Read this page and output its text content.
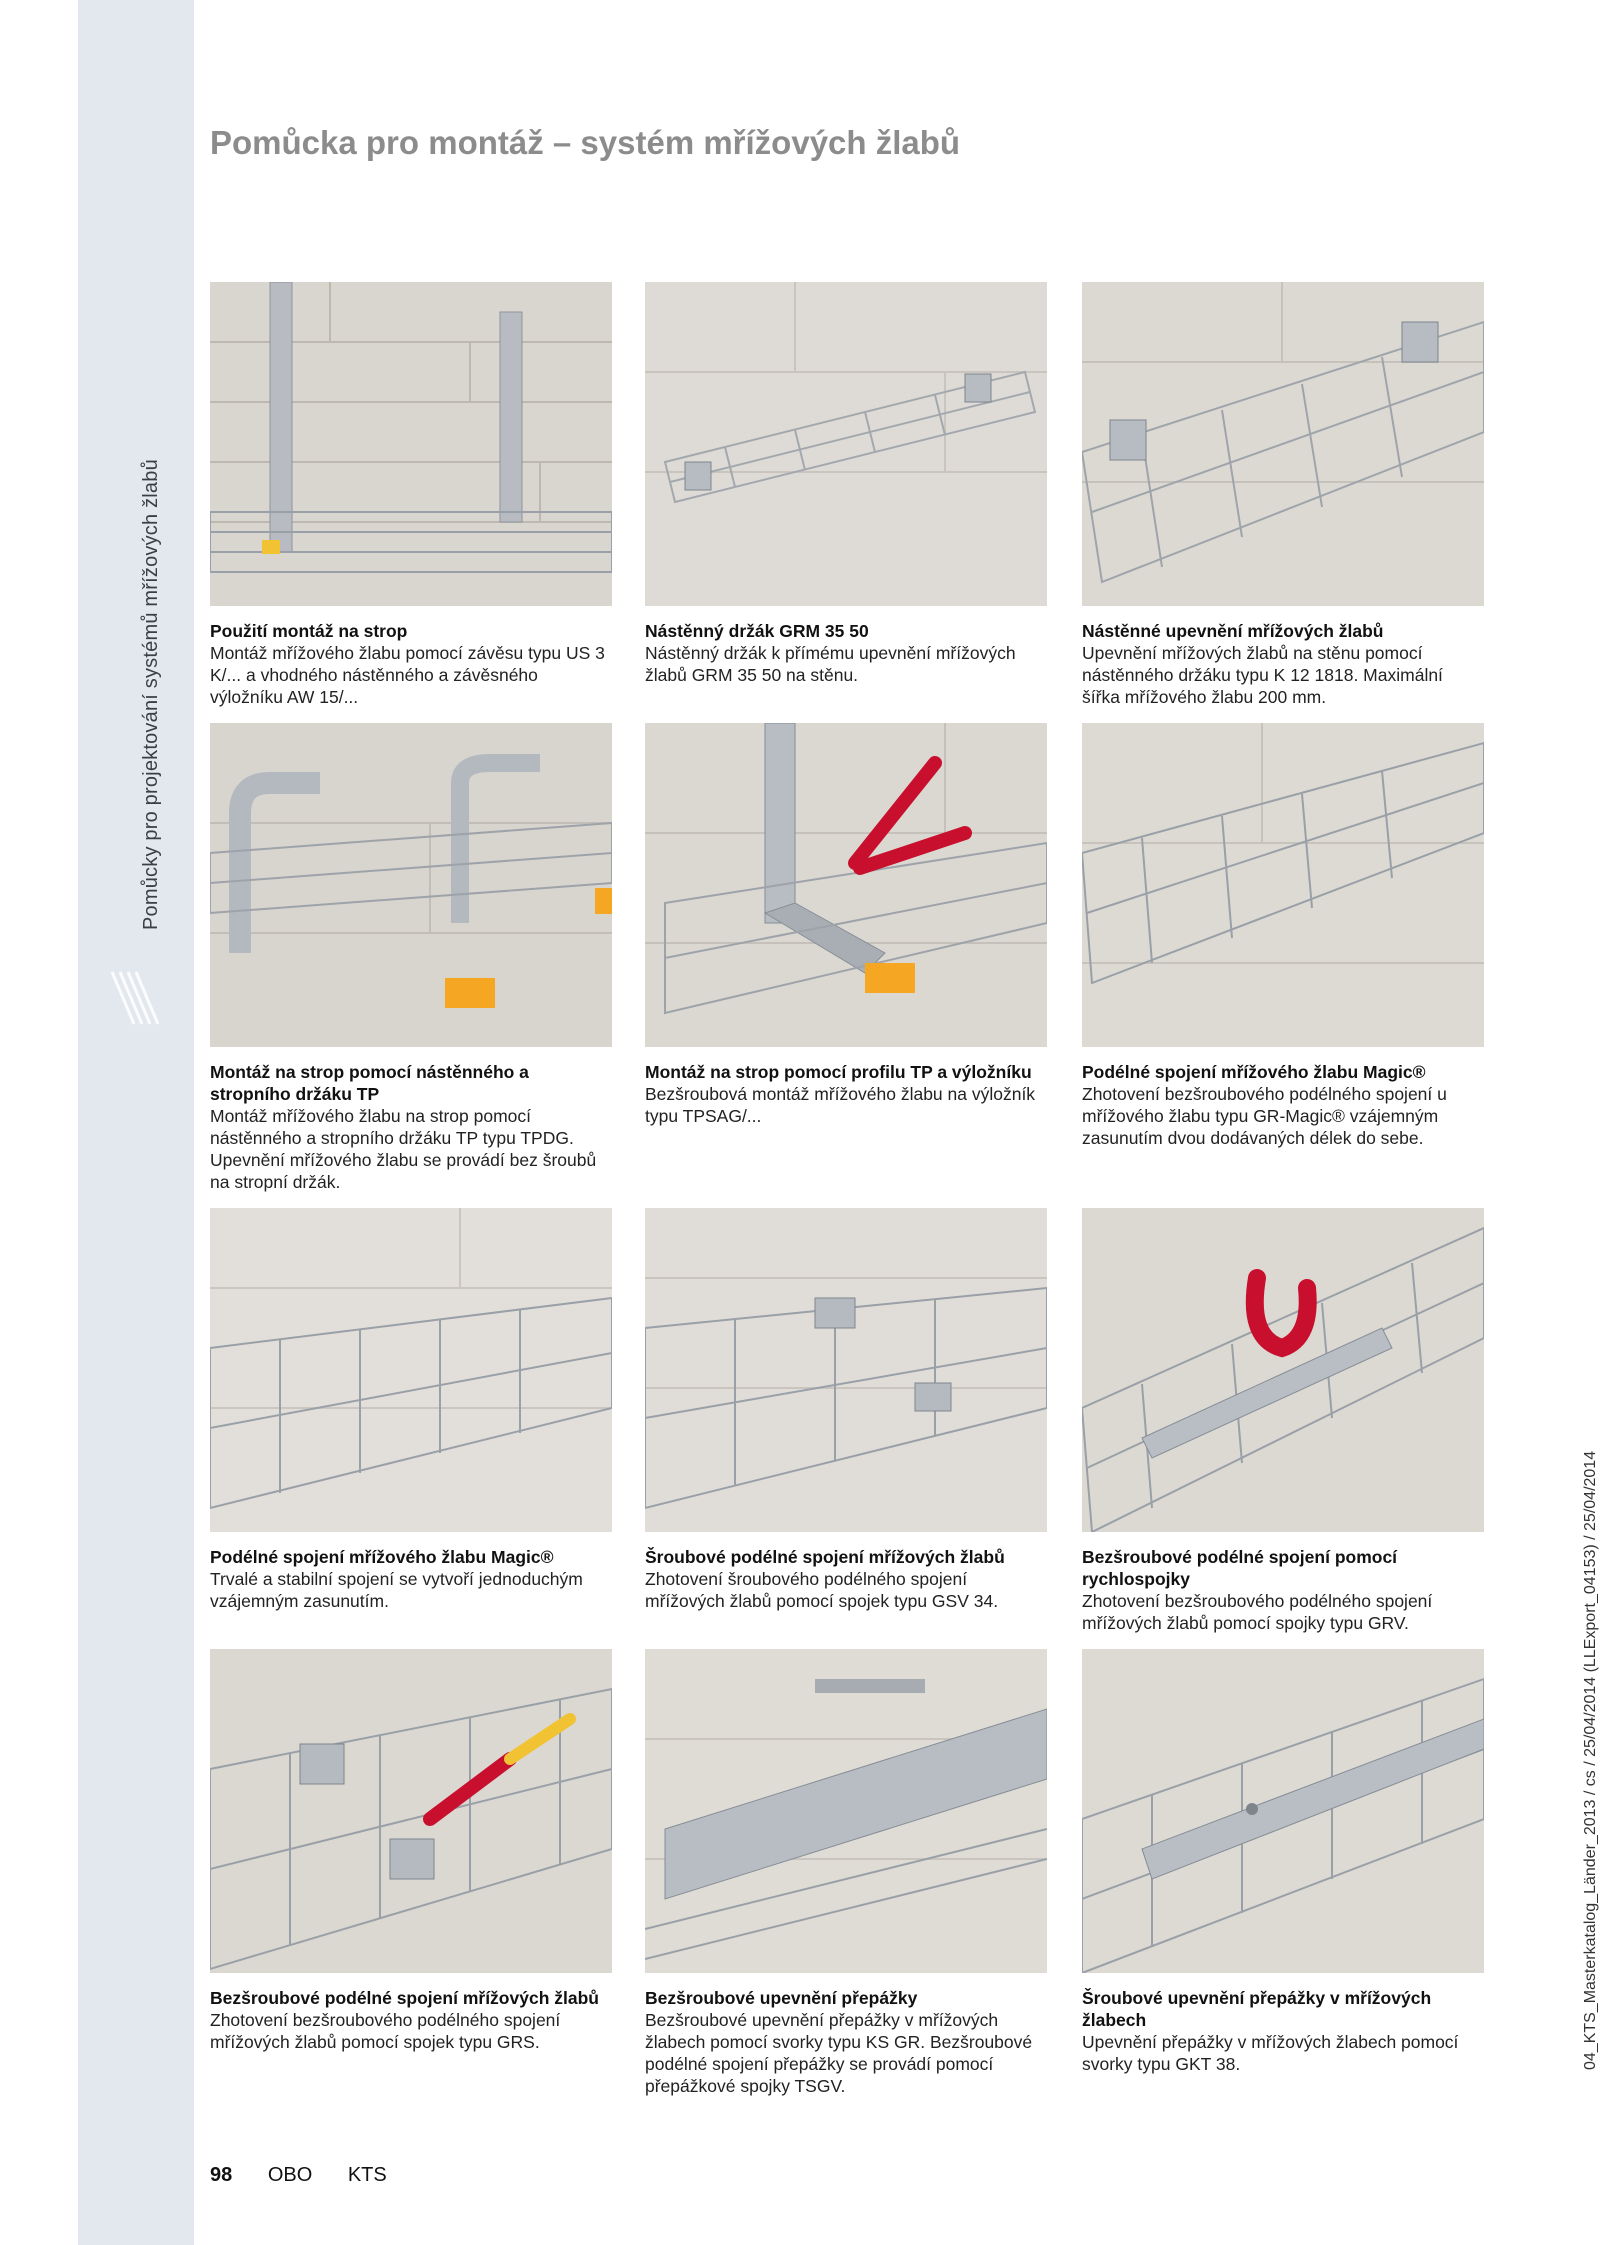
Pomůcky pro projektování systémů mřížových žlabů
Pomůcka pro montáž – systém mřížových žlabů
Použití montáž na strop
Montáž mřížového žlabu pomocí závěsu typu US 3 K/... a vhodného nástěnného a závěsného výložníku AW 15/...
Nástěnný držák GRM 35 50
Nástěnný držák k přímému upevnění mřížových žlabů GRM 35 50 na stěnu.
Nástěnné upevnění mřížových žlabů
Upevnění mřížových žlabů na stěnu pomocí nástěnného držáku typu K 12 1818. Maximální šířka mřížového žlabu 200 mm.
Montáž na strop pomocí nástěnného a stropního držáku TP
Montáž mřížového žlabu na strop pomocí nástěnného a stropního držáku TP typu TPDG. Upevnění mřížového žlabu se provádí bez šroubů na stropní držák.
Montáž na strop pomocí profilu TP a výložníku
Bezšroubová montáž mřížového žlabu na výložník typu TPSAG/...
Podélné spojení mřížového žlabu Magic®
Zhotovení bezšroubového podélného spojení u mřížového žlabu typu GR-Magic® vzájemným zasunutím dvou dodávaných délek do sebe.
Podélné spojení mřížového žlabu Magic®
Trvalé a stabilní spojení se vytvoří jednoduchým vzájemným zasunutím.
Šroubové podélné spojení mřížových žlabů
Zhotovení šroubového podélného spojení mřížových žlabů pomocí spojek typu GSV 34.
Bezšroubové podélné spojení pomocí rychlospojky
Zhotovení bezšroubového podélného spojení mřížových žlabů pomocí spojky typu GRV.
Bezšroubové podélné spojení mřížových žlabů
Zhotovení bezšroubového podélného spojení mřížových žlabů pomocí spojek typu GRS.
Bezšroubové upevnění přepážky
Bezšroubové upevnění přepážky v mřížových žlabech pomocí svorky typu KS GR. Bezšroubové podélné spojení přepážky se provádí pomocí přepážkové spojky TSGV.
Šroubové upevnění přepážky v mřížových žlabech
Upevnění přepážky v mřížových žlabech pomocí svorky typu GKT 38.	04_KTS_Masterkatalog_Länder_2013 / cs / 25/04/2014 (LLExport_04153) / 25/04/2014
98 OBO KTS
